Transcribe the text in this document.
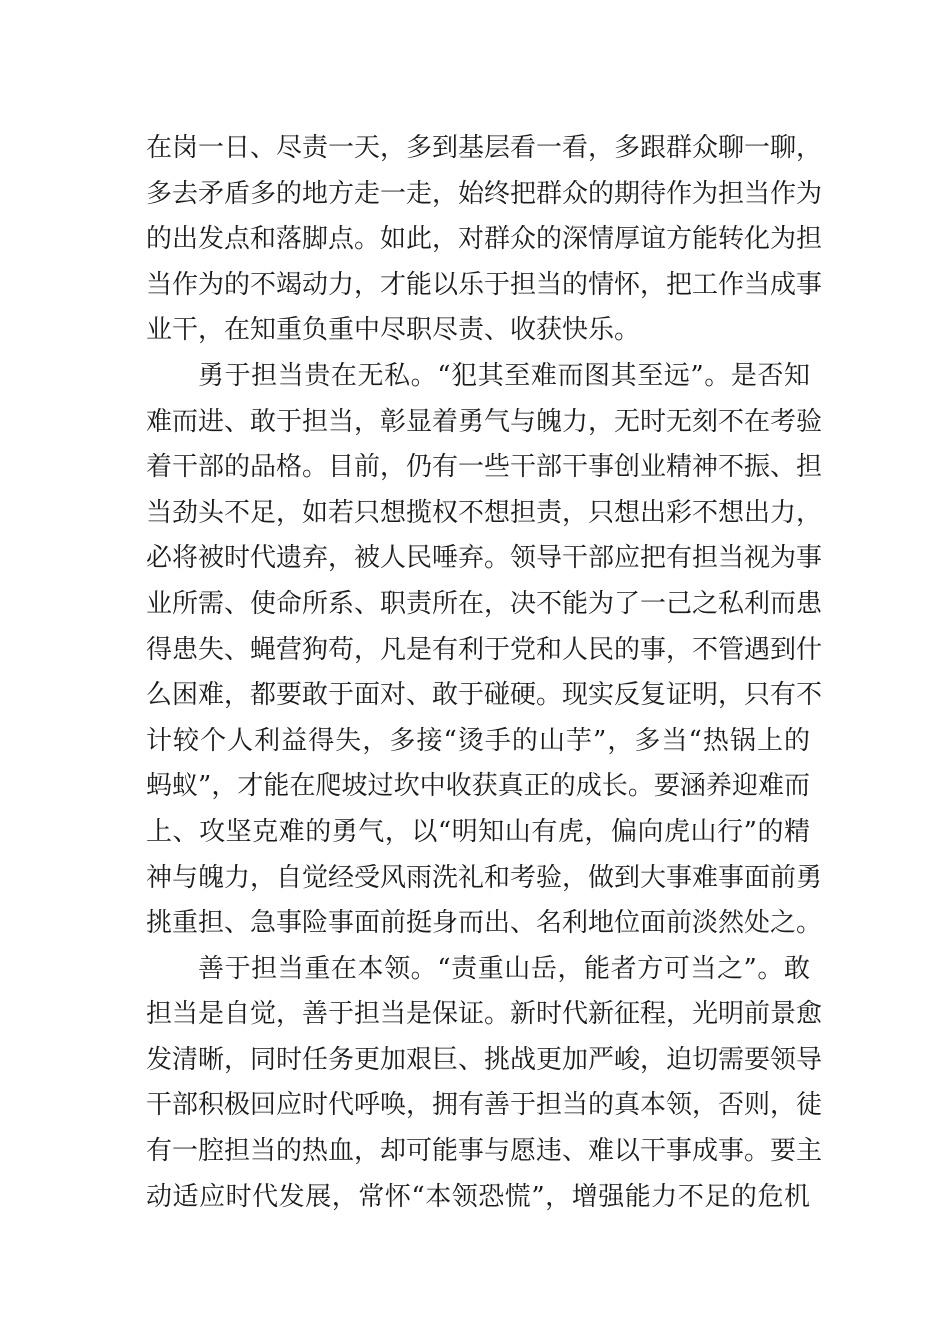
在岗一日、尽责一天，多到基层看一看，多跟群众聊一聊，
多去矛盾多的地方走一走，始终把群众的期待作为担当作为
的出发点和落脚点。如此，对群众的深情厚谊方能转化为担
当作为的不竭动力，才能以乐于担当的情怀，把工作当成事
业干，在知重负重中尽职尽责、收获快乐。
勇于担当贵在无私。“犯其至难而图其至远”。是否知
难而进、敢于担当，彰显着勇气与魄力，无时无刻不在考验
着干部的品格。目前，仍有一些干部干事创业精神不振、担
当劲头不足，如若只想揽权不想担责，只想出彩不想出力，
必将被时代遗弃，被人民唾弃。领导干部应把有担当视为事
业所需、使命所系、职责所在，决不能为了一己之私利而患
得患失、蝇营狗苟，凡是有利于党和人民的事，不管遇到什
么困难，都要敢于面对、敢于碰硬。现实反复证明，只有不
计较个人利益得失，多接“烫手的山芋”，多当“热锅上的
蚂蚁”，才能在爬坡过坎中收获真正的成长。要涵养迎难而
上、攻坚克难的勇气，以“明知山有虎，偏向虎山行”的精
神与魄力，自觉经受风雨洗礼和考验，做到大事难事面前勇
挑重担、急事险事面前挺身而出、名利地位面前淡然处之。
善于担当重在本领。“责重山岳，能者方可当之”。敢
担当是自觉，善于担当是保证。新时代新征程，光明前景愈
发清晰，同时任务更加艰巨、挑战更加严峻，迫切需要领导
干部积极回应时代呼唤，拥有善于担当的真本领，否则，徒
有一腔担当的热血，却可能事与愿违、难以干事成事。要主
动适应时代发展，常怀“本领恐慌”，增强能力不足的危机
